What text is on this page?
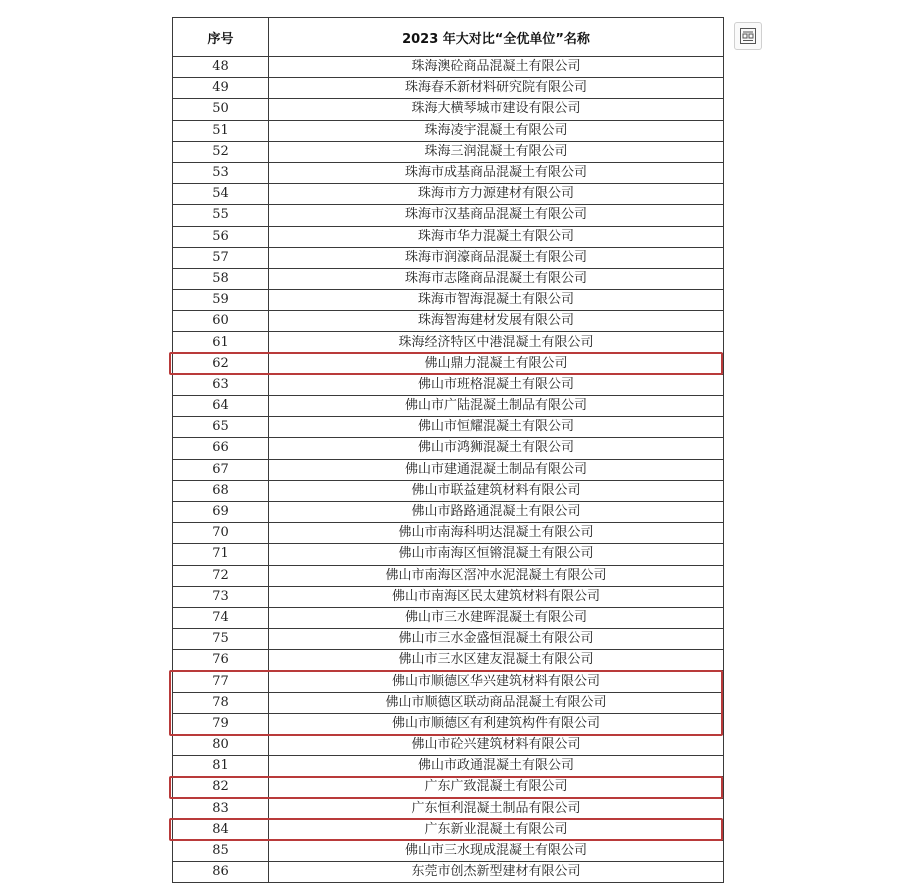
序号	2023 年大对比“全优单位”名称
48	珠海澳砼商品混凝土有限公司
49	珠海春禾新材料研究院有限公司
50	珠海大横琴城市建设有限公司
51	珠海凌宇混凝土有限公司
52	珠海三润混凝土有限公司
53	珠海市成基商品混凝土有限公司
54	珠海市方力源建材有限公司
55	珠海市汉基商品混凝土有限公司
56	珠海市华力混凝土有限公司
57	珠海市润濠商品混凝土有限公司
58	珠海市志隆商品混凝土有限公司
59	珠海市智海混凝土有限公司
60	珠海智海建材发展有限公司
61	珠海经济特区中港混凝土有限公司
62	佛山鼎力混凝土有限公司
63	佛山市班格混凝土有限公司
64	佛山市广陆混凝土制品有限公司
65	佛山市恒耀混凝土有限公司
66	佛山市鸿狮混凝土有限公司
67	佛山市建通混凝土制品有限公司
68	佛山市联益建筑材料有限公司
69	佛山市路路通混凝土有限公司
70	佛山市南海科明达混凝土有限公司
71	佛山市南海区恒锵混凝土有限公司
72	佛山市南海区滘冲水泥混凝土有限公司
73	佛山市南海区民太建筑材料有限公司
74	佛山市三水建晖混凝土有限公司
75	佛山市三水金盛恒混凝土有限公司
76	佛山市三水区建友混凝土有限公司
77	佛山市顺德区华兴建筑材料有限公司
78	佛山市顺德区联动商品混凝土有限公司
79	佛山市顺德区有利建筑构件有限公司
80	佛山市砼兴建筑材料有限公司
81	佛山市政通混凝土有限公司
82	广东广致混凝土有限公司
83	广东恒利混凝土制品有限公司
84	广东新业混凝土有限公司
85	佛山市三水现成混凝土有限公司
86	东莞市创杰新型建材有限公司
